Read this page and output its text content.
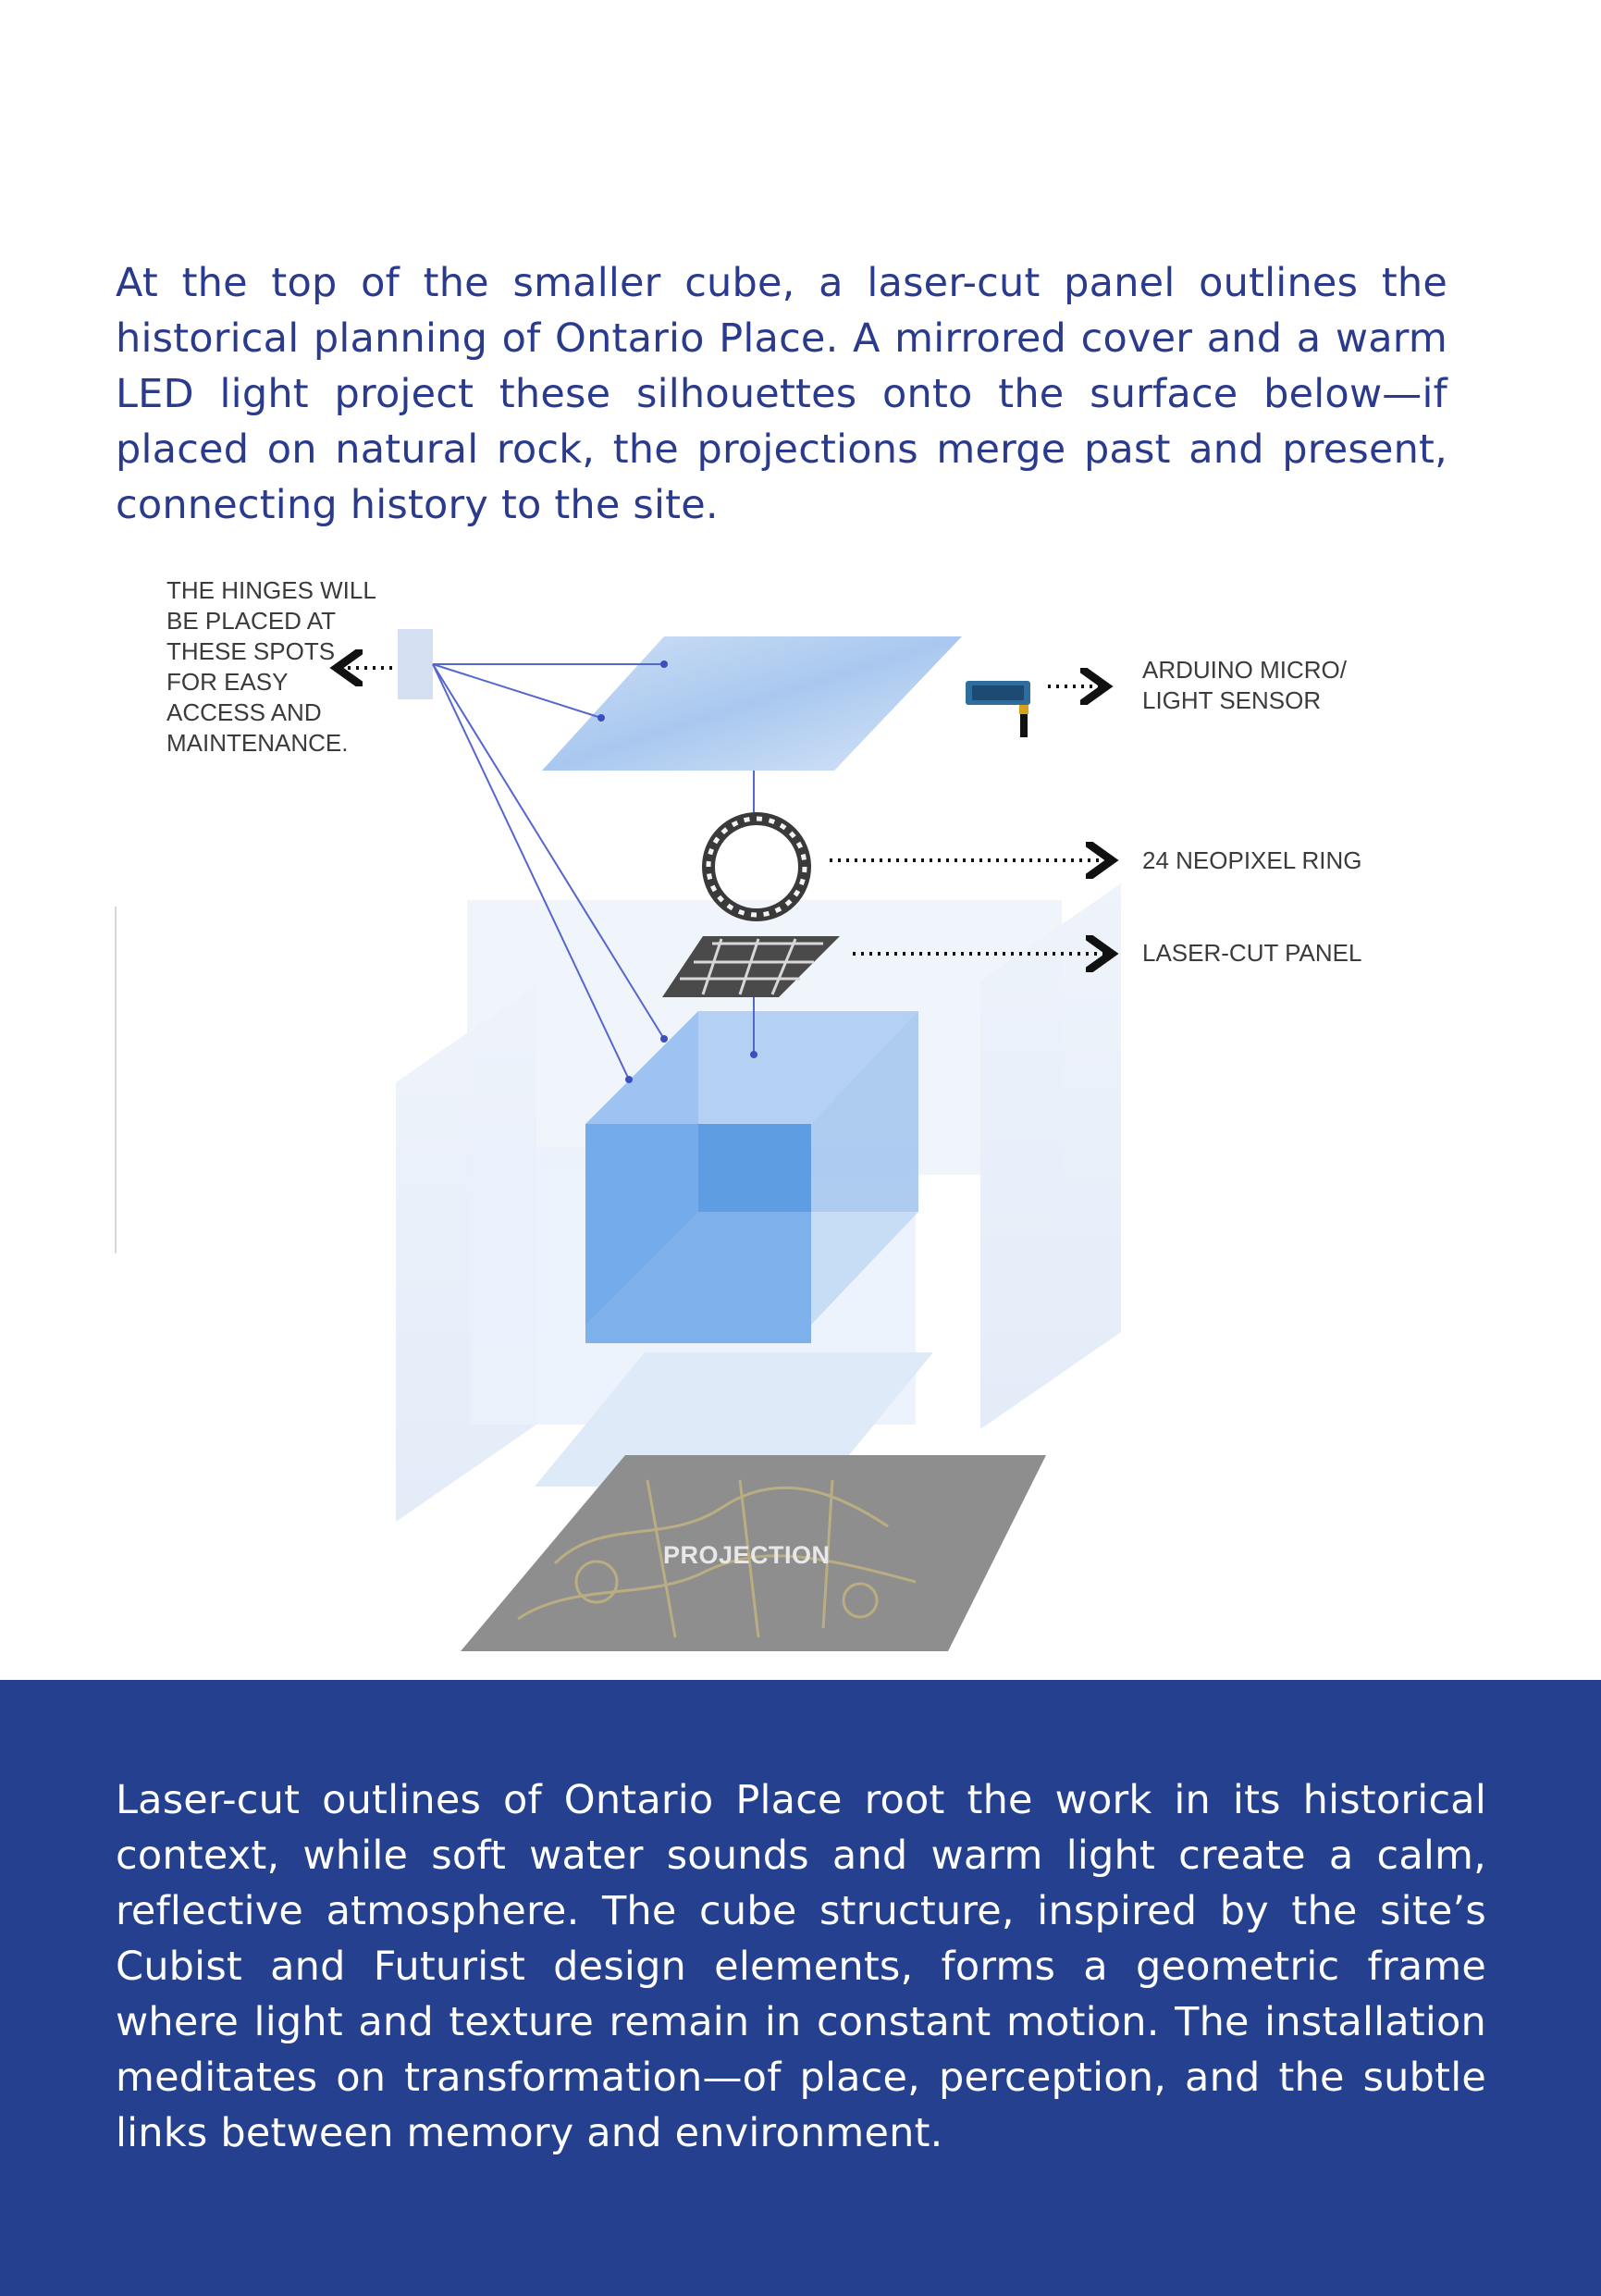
At the top of the smaller cube, a laser-cut panel outlines the historical planning of Ontario Place. A mirrored cover and a warm LED light project these silhouettes onto the surface below—if placed on natural rock, the projections merge past and present, connecting history to the site.

THE HINGES WILL
BE PLACED AT
THESE SPOTS
FOR EASY
ACCESS AND
MAINTENANCE.

ARDUINO MICRO/
LIGHT SENSOR

24 NEOPIXEL RING

LASER-CUT PANEL

PROJECTION

Laser-cut outlines of Ontario Place root the work in its historical context, while soft water sounds and warm light create a calm, reflective atmosphere. The cube structure, inspired by the site’s Cubist and Futurist design elements, forms a geometric frame where light and texture remain in constant motion. The installation meditates on transformation—of place, perception, and the subtle links between memory and environment.
